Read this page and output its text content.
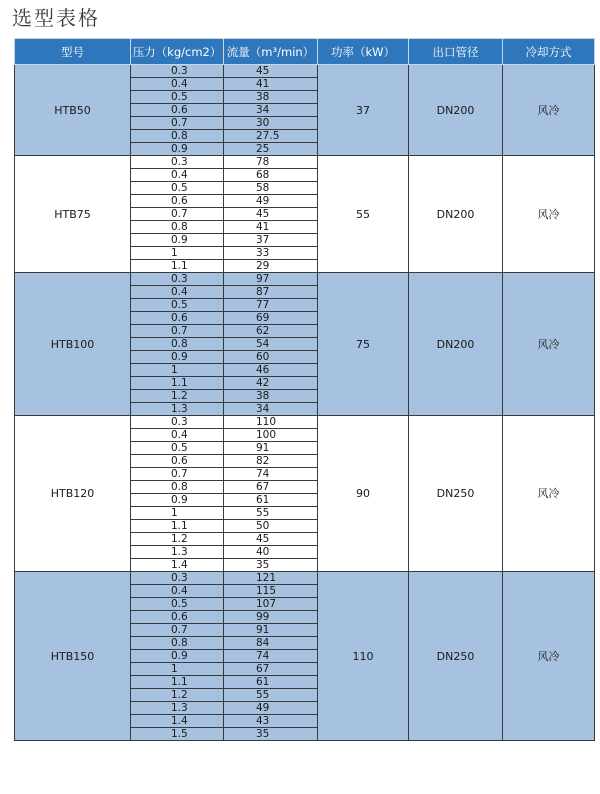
选型表格
型号	压力（kg/cm2）	流量（m³/min）	功率（kW）	出口管径	冷却方式
HTB50	0.3	45	37	DN200	风冷
	0.4	41			
	0.5	38			
	0.6	34			
	0.7	30			
	0.8	27.5			
	0.9	25			
HTB75	0.3	78	55	DN200	风冷
	0.4	68			
	0.5	58			
	0.6	49			
	0.7	45			
	0.8	41			
	0.9	37			
	1	33			
	1.1	29			
HTB100	0.3	97	75	DN200	风冷
	0.4	87			
	0.5	77			
	0.6	69			
	0.7	62			
	0.8	54			
	0.9	60			
	1	46			
	1.1	42			
	1.2	38			
	1.3	34			
HTB120	0.3	110	90	DN250	风冷
	0.4	100			
	0.5	91			
	0.6	82			
	0.7	74			
	0.8	67			
	0.9	61			
	1	55			
	1.1	50			
	1.2	45			
	1.3	40			
	1.4	35			
HTB150	0.3	121	110	DN250	风冷
	0.4	115			
	0.5	107			
	0.6	99			
	0.7	91			
	0.8	84			
	0.9	74			
	1	67			
	1.1	61			
	1.2	55			
	1.3	49			
	1.4	43			
	1.5	35			
